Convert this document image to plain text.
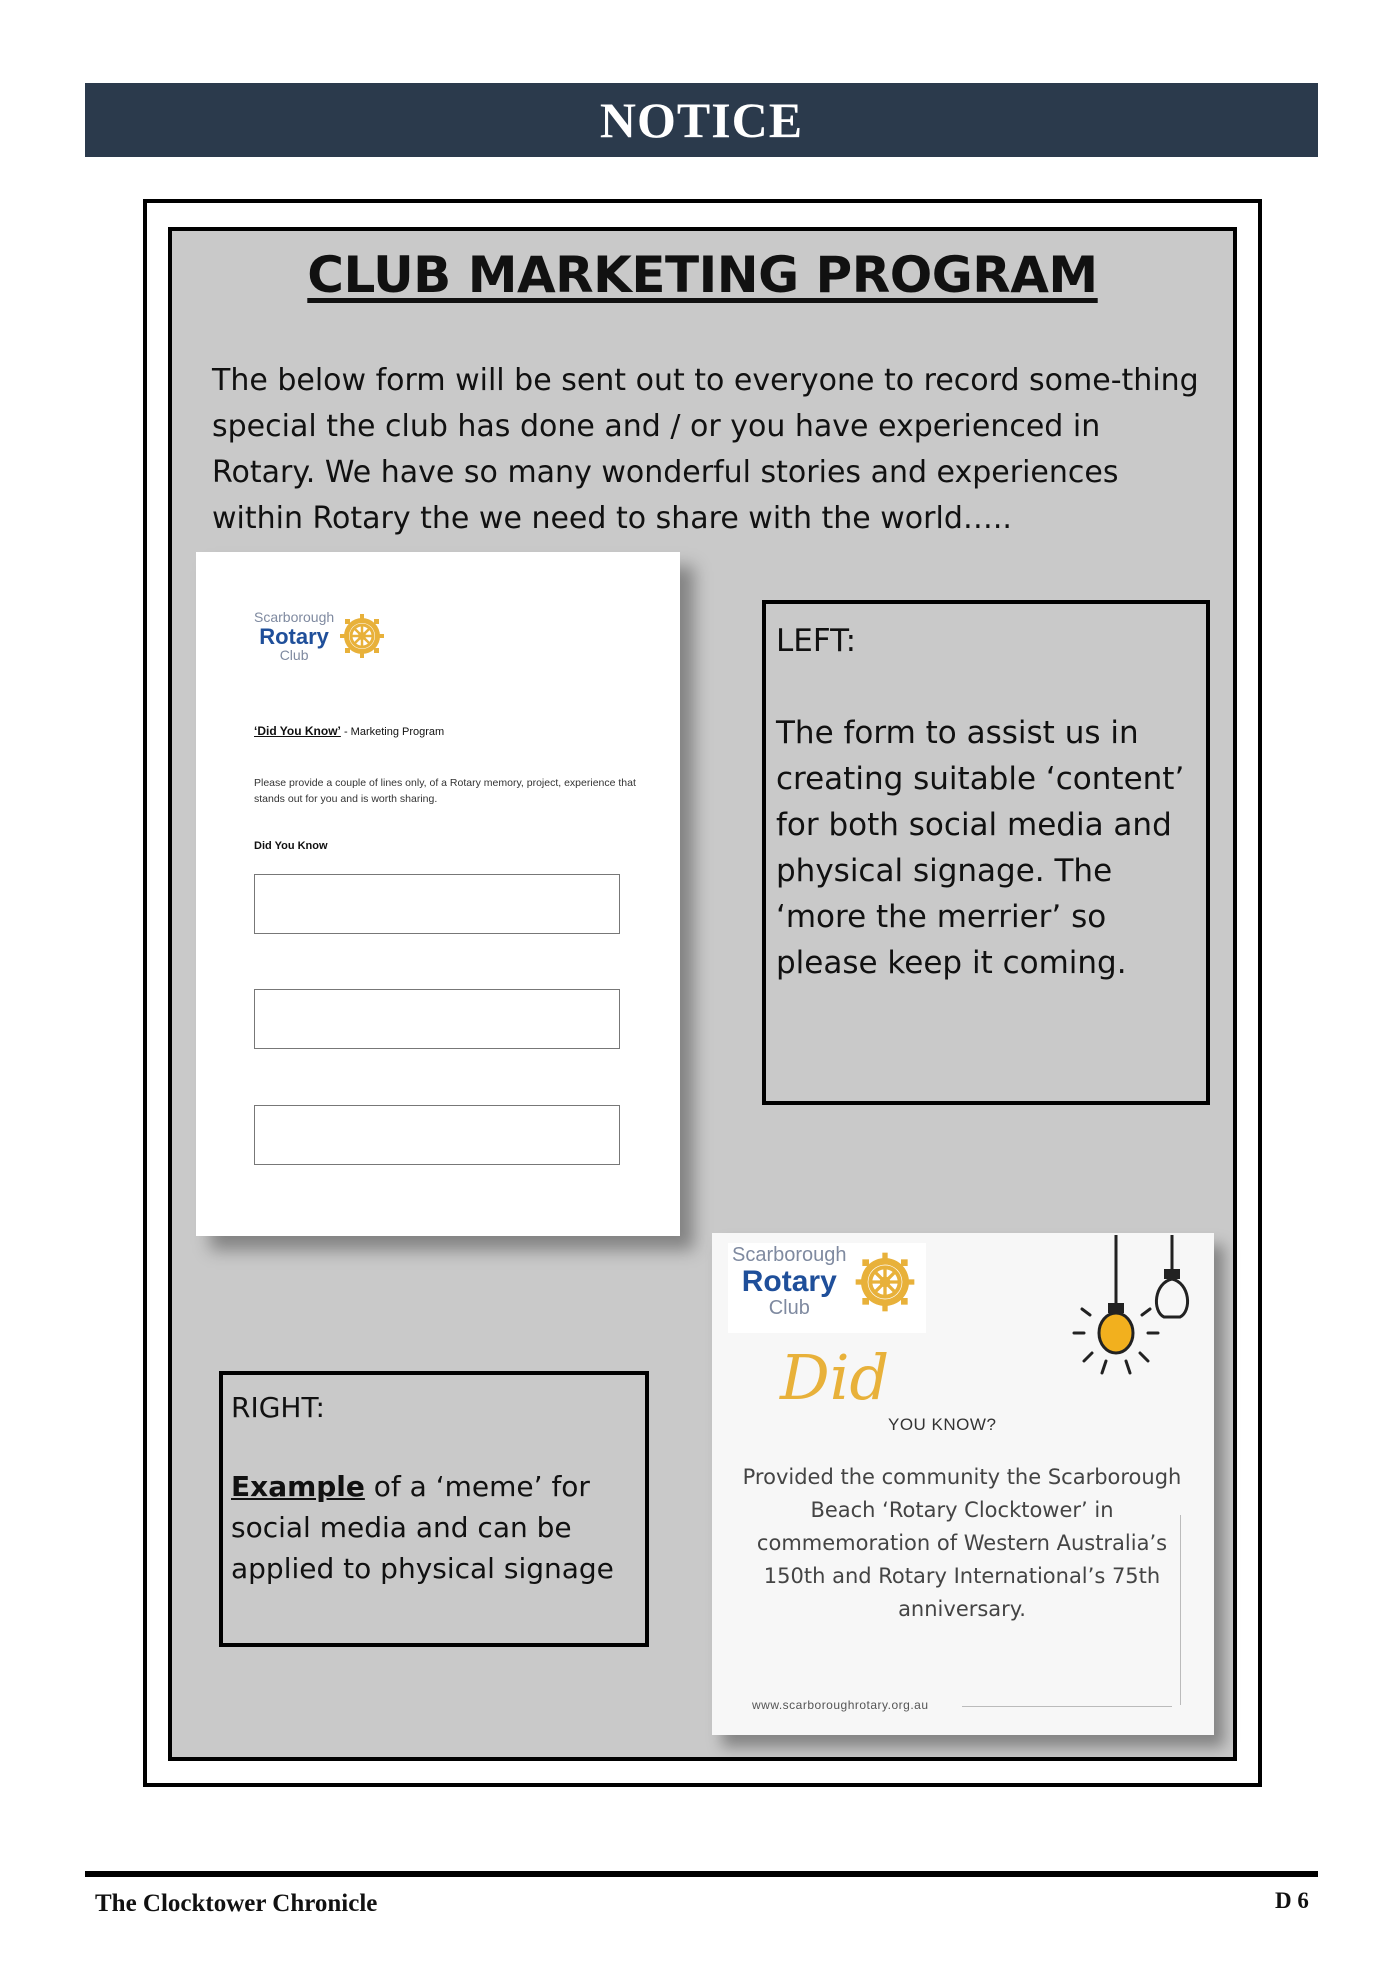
NOTICE
CLUB MARKETING PROGRAM

The below form will be sent out to everyone to record some-thing special the club has done and / or you have experienced in Rotary. We have so many wonderful stories and experiences within Rotary the we need to share with the world…..

Scarborough
Rotary
Club
‘Did You Know’ - Marketing Program
Please provide a couple of lines only, of a Rotary memory, project, experience that stands out for you and is worth sharing.
Did You Know

LEFT:

The form to assist us in creating suitable ‘content’ for both social media and physical signage. The ‘more the merrier’ so please keep it coming.

RIGHT:

Example of a ‘meme’ for social media and can be applied to physical signage

Scarborough
Rotary
Club
Did
YOU KNOW?

Provided the community the Scarborough Beach ‘Rotary Clocktower’ in commemoration of Western Australia’s 150th and Rotary International’s 75th anniversary.

www.scarboroughrotary.org.au
The Clocktower Chronicle	D 6
